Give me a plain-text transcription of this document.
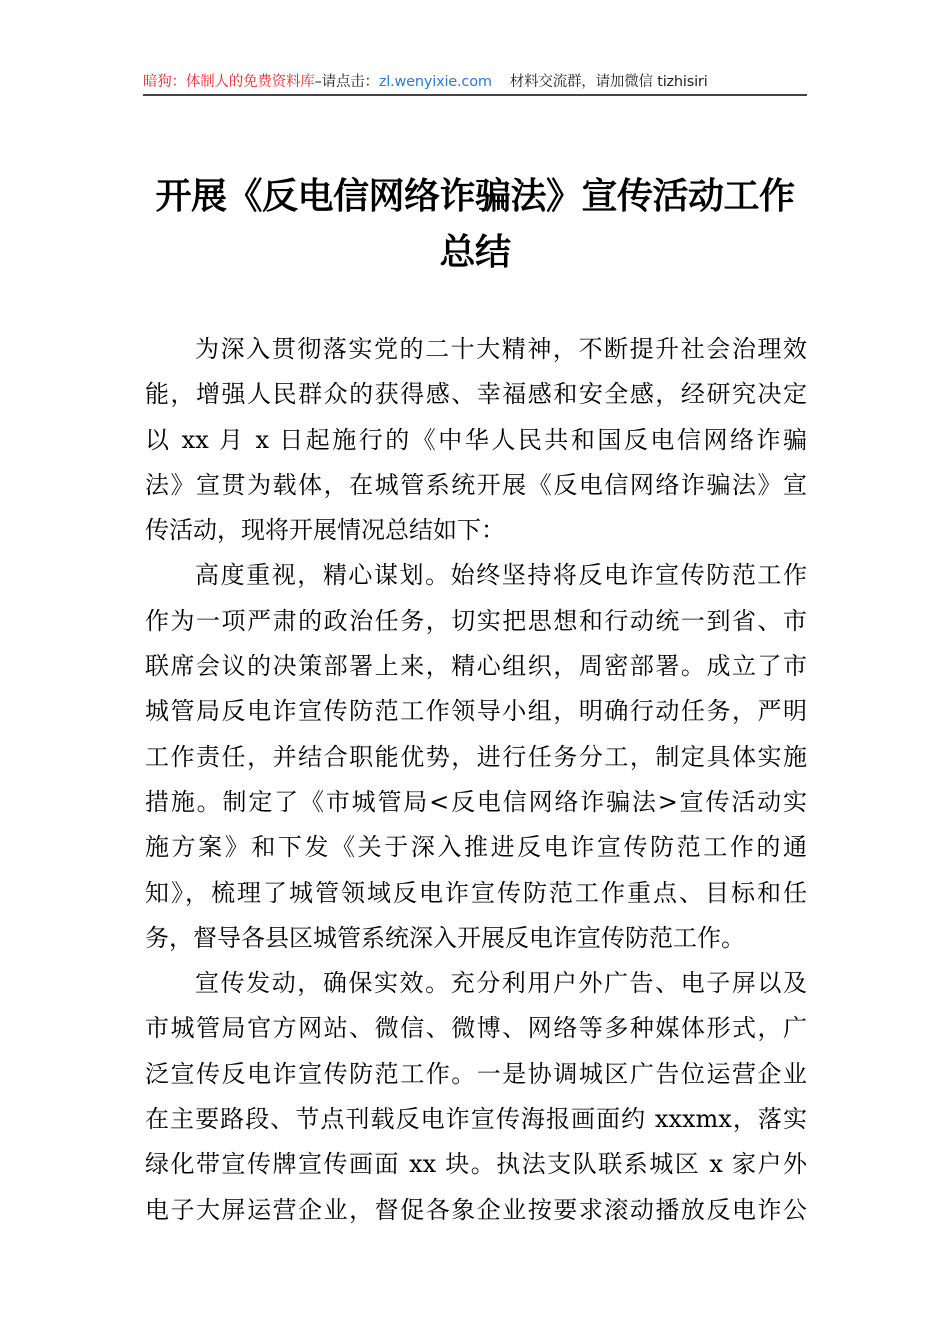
暗狗：体制人的免费资料库–请点击：zl.wenyixie.com 材料交流群，请加微信 tizhisiri
开展《反电信网络诈骗法》宣传活动工作
总结
为深入贯彻落实党的二十大精神，不断提升社会治理效
能，增强人民群众的获得感、幸福感和安全感，经研究决定
以 xx 月 x 日起施行的《中华人民共和国反电信网络诈骗
法》宣贯为载体，在城管系统开展《反电信网络诈骗法》宣
传活动，现将开展情况总结如下：
高度重视，精心谋划。始终坚持将反电诈宣传防范工作
作为一项严肃的政治任务，切实把思想和行动统一到省、市
联席会议的决策部署上来，精心组织，周密部署。成立了市
城管局反电诈宣传防范工作领导小组，明确行动任务，严明
工作责任，并结合职能优势，进行任务分工，制定具体实施
措施。制定了《市城管局<反电信网络诈骗法>宣传活动实
施方案》和下发《关于深入推进反电诈宣传防范工作的通
知》，梳理了城管领域反电诈宣传防范工作重点、目标和任
务，督导各县区城管系统深入开展反电诈宣传防范工作。
宣传发动，确保实效。充分利用户外广告、电子屏以及
市城管局官方网站、微信、微博、网络等多种媒体形式，广
泛宣传反电诈宣传防范工作。一是协调城区广告位运营企业
在主要路段、节点刊载反电诈宣传海报画面约 xxxmx，落实
绿化带宣传牌宣传画面 xx 块。执法支队联系城区 x 家户外
电子大屏运营企业，督促各象企业按要求滚动播放反电诈公
